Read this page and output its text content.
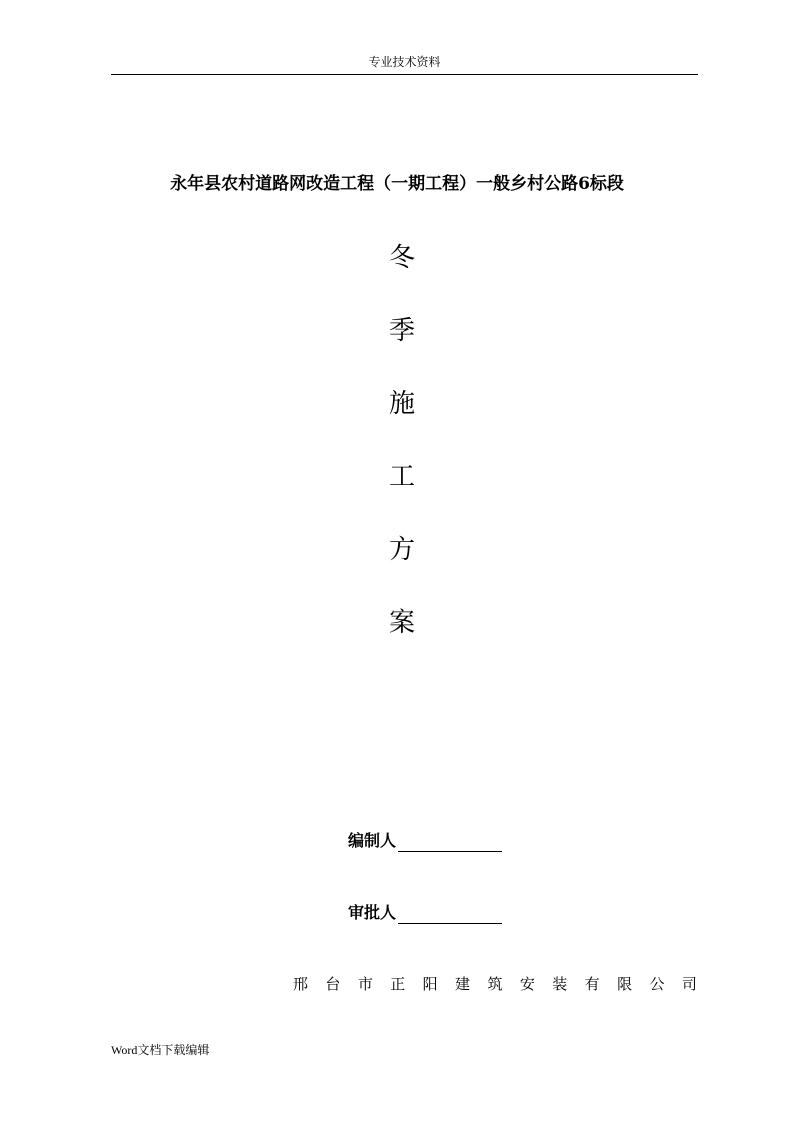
专业技术资料
永年县农村道路网改造工程（一期工程）一般乡村公路6标段
冬
季
施
工
方
案
编制人
审批人
邢 台 市 正 阳 建 筑 安 装 有 限 公 司
Word文档下载编辑
